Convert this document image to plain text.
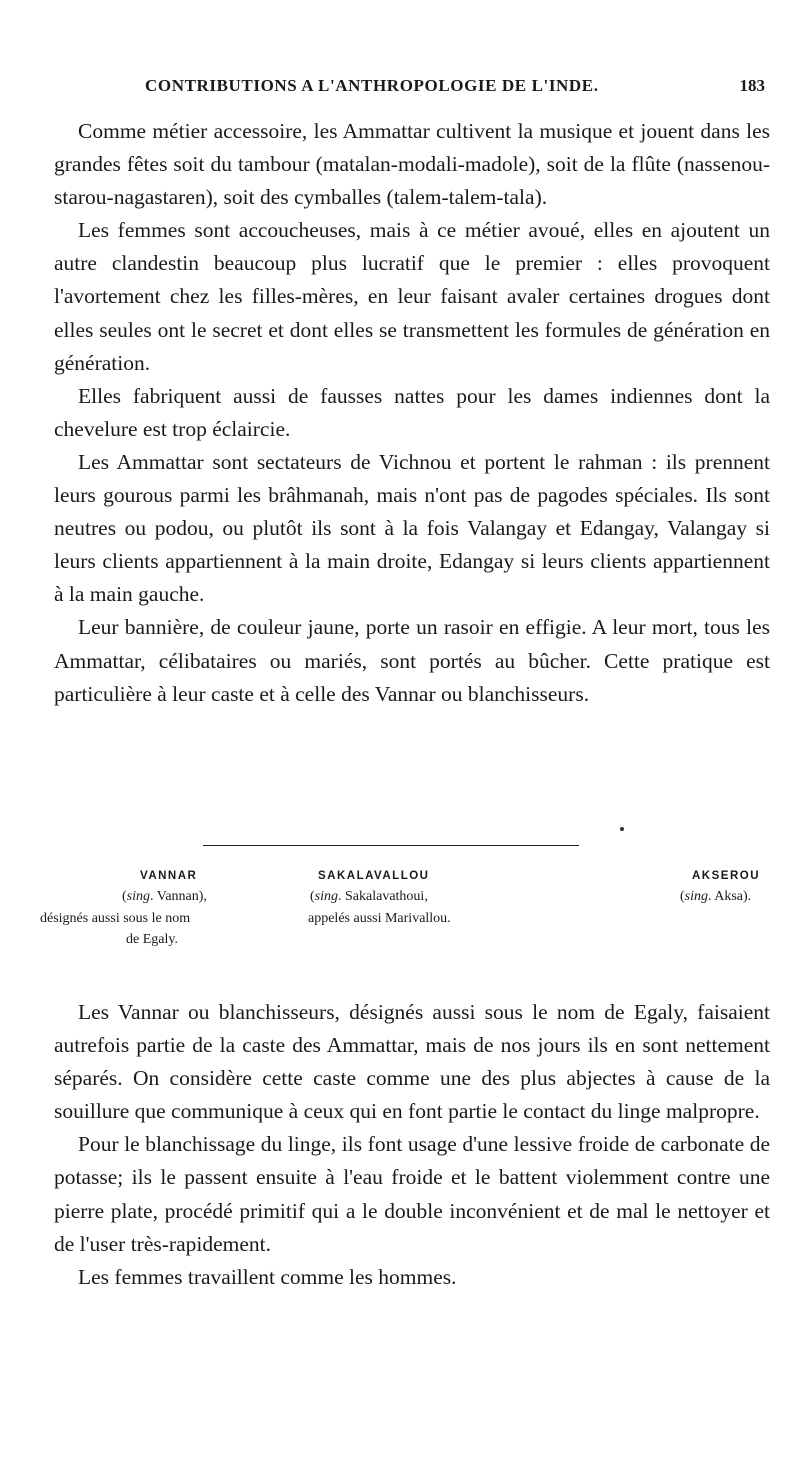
CONTRIBUTIONS A L'ANTHROPOLOGIE DE L'INDE.	183

Comme métier accessoire, les Ammattar cultivent la musique et jouent dans les grandes fêtes soit du tambour (matalan-modali-madole), soit de la flûte (nassenou-starou-nagastaren), soit des cymballes (talem-talem-tala).

Les femmes sont accoucheuses, mais à ce métier avoué, elles en ajoutent un autre clandestin beaucoup plus lucratif que le premier : elles provoquent l'avortement chez les filles-mères, en leur faisant avaler certaines drogues dont elles seules ont le secret et dont elles se transmettent les formules de génération en génération.

Elles fabriquent aussi de fausses nattes pour les dames indiennes dont la chevelure est trop éclaircie.

Les Ammattar sont sectateurs de Vichnou et portent le rahman : ils prennent leurs gourous parmi les brâhmanah, mais n'ont pas de pagodes spéciales. Ils sont neutres ou podou, ou plutôt ils sont à la fois Valangay et Edangay, Valangay si leurs clients appartiennent à la main droite, Edangay si leurs clients appartiennent à la main gauche.

Leur bannière, de couleur jaune, porte un rasoir en effigie. A leur mort, tous les Ammattar, célibataires ou mariés, sont portés au bûcher. Cette pratique est particulière à leur caste et à celle des Vannar ou blanchisseurs.

VANNAR
(sing. Vannan),
désignés aussi sous le nom
de Egaly.
SAKALAVALLOU
(sing. Sakalavathoui,
appelés aussi Marivallou.
AKSEROU
(sing. Aksa).

Les Vannar ou blanchisseurs, désignés aussi sous le nom de Egaly, faisaient autrefois partie de la caste des Ammattar, mais de nos jours ils en sont nettement séparés. On considère cette caste comme une des plus abjectes à cause de la souillure que communique à ceux qui en font partie le contact du linge malpropre.

Pour le blanchissage du linge, ils font usage d'une lessive froide de carbonate de potasse; ils le passent ensuite à l'eau froide et le battent violemment contre une pierre plate, procédé primitif qui a le double inconvénient et de mal le nettoyer et de l'user très-rapidement.

Les femmes travaillent comme les hommes.
